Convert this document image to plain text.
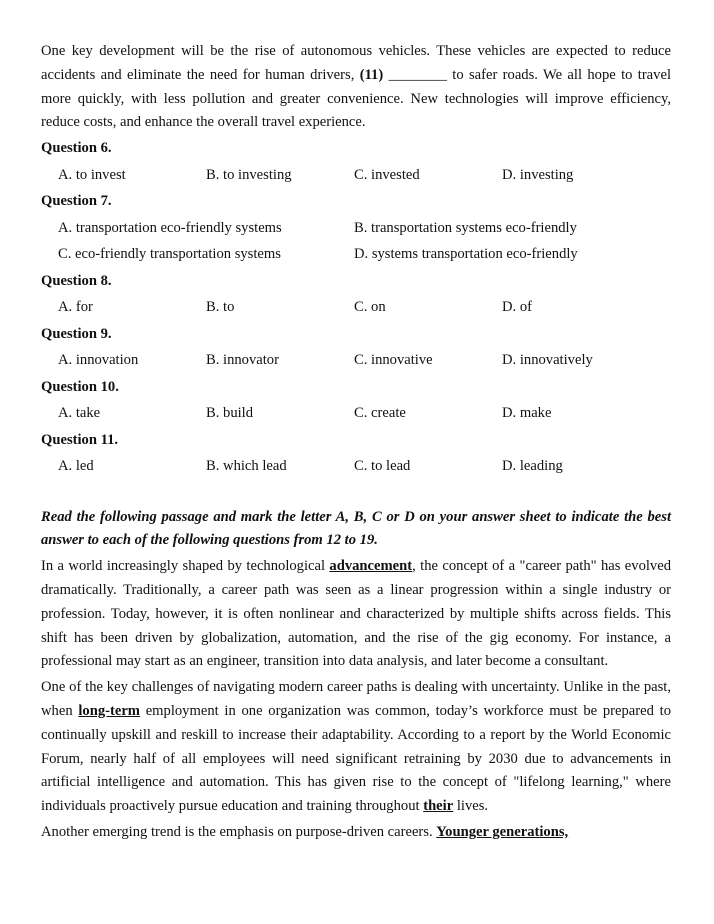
One key development will be the rise of autonomous vehicles. These vehicles are expected to reduce accidents and eliminate the need for human drivers, (11) ________ to safer roads. We all hope to travel more quickly, with less pollution and greater convenience. New technologies will improve efficiency, reduce costs, and enhance the overall travel experience.

Question 6.
A. to invest	B. to investing	C. invested	D. investing
Question 7.
A. transportation eco-friendly systems	B. transportation systems eco-friendly
C. eco-friendly transportation systems	D. systems transportation eco-friendly
Question 8.
A. for	B. to	C. on	D. of
Question 9.
A. innovation	B. innovator	C. innovative	D. innovatively
Question 10.
A. take	B. build	C. create	D. make
Question 11.
A. led	B. which lead	C. to lead	D. leading

Read the following passage and mark the letter A, B, C or D on your answer sheet to indicate the best answer to each of the following questions from 12 to 19.

In a world increasingly shaped by technological advancement, the concept of a "career path" has evolved dramatically. Traditionally, a career path was seen as a linear progression within a single industry or profession. Today, however, it is often nonlinear and characterized by multiple shifts across fields. This shift has been driven by globalization, automation, and the rise of the gig economy. For instance, a professional may start as an engineer, transition into data analysis, and later become a consultant.

One of the key challenges of navigating modern career paths is dealing with uncertainty. Unlike in the past, when long-term employment in one organization was common, today’s workforce must be prepared to continually upskill and reskill to increase their adaptability. According to a report by the World Economic Forum, nearly half of all employees will need significant retraining by 2030 due to advancements in artificial intelligence and automation. This has given rise to the concept of "lifelong learning," where individuals proactively pursue education and training throughout their lives.

Another emerging trend is the emphasis on purpose-driven careers. Younger generations,
